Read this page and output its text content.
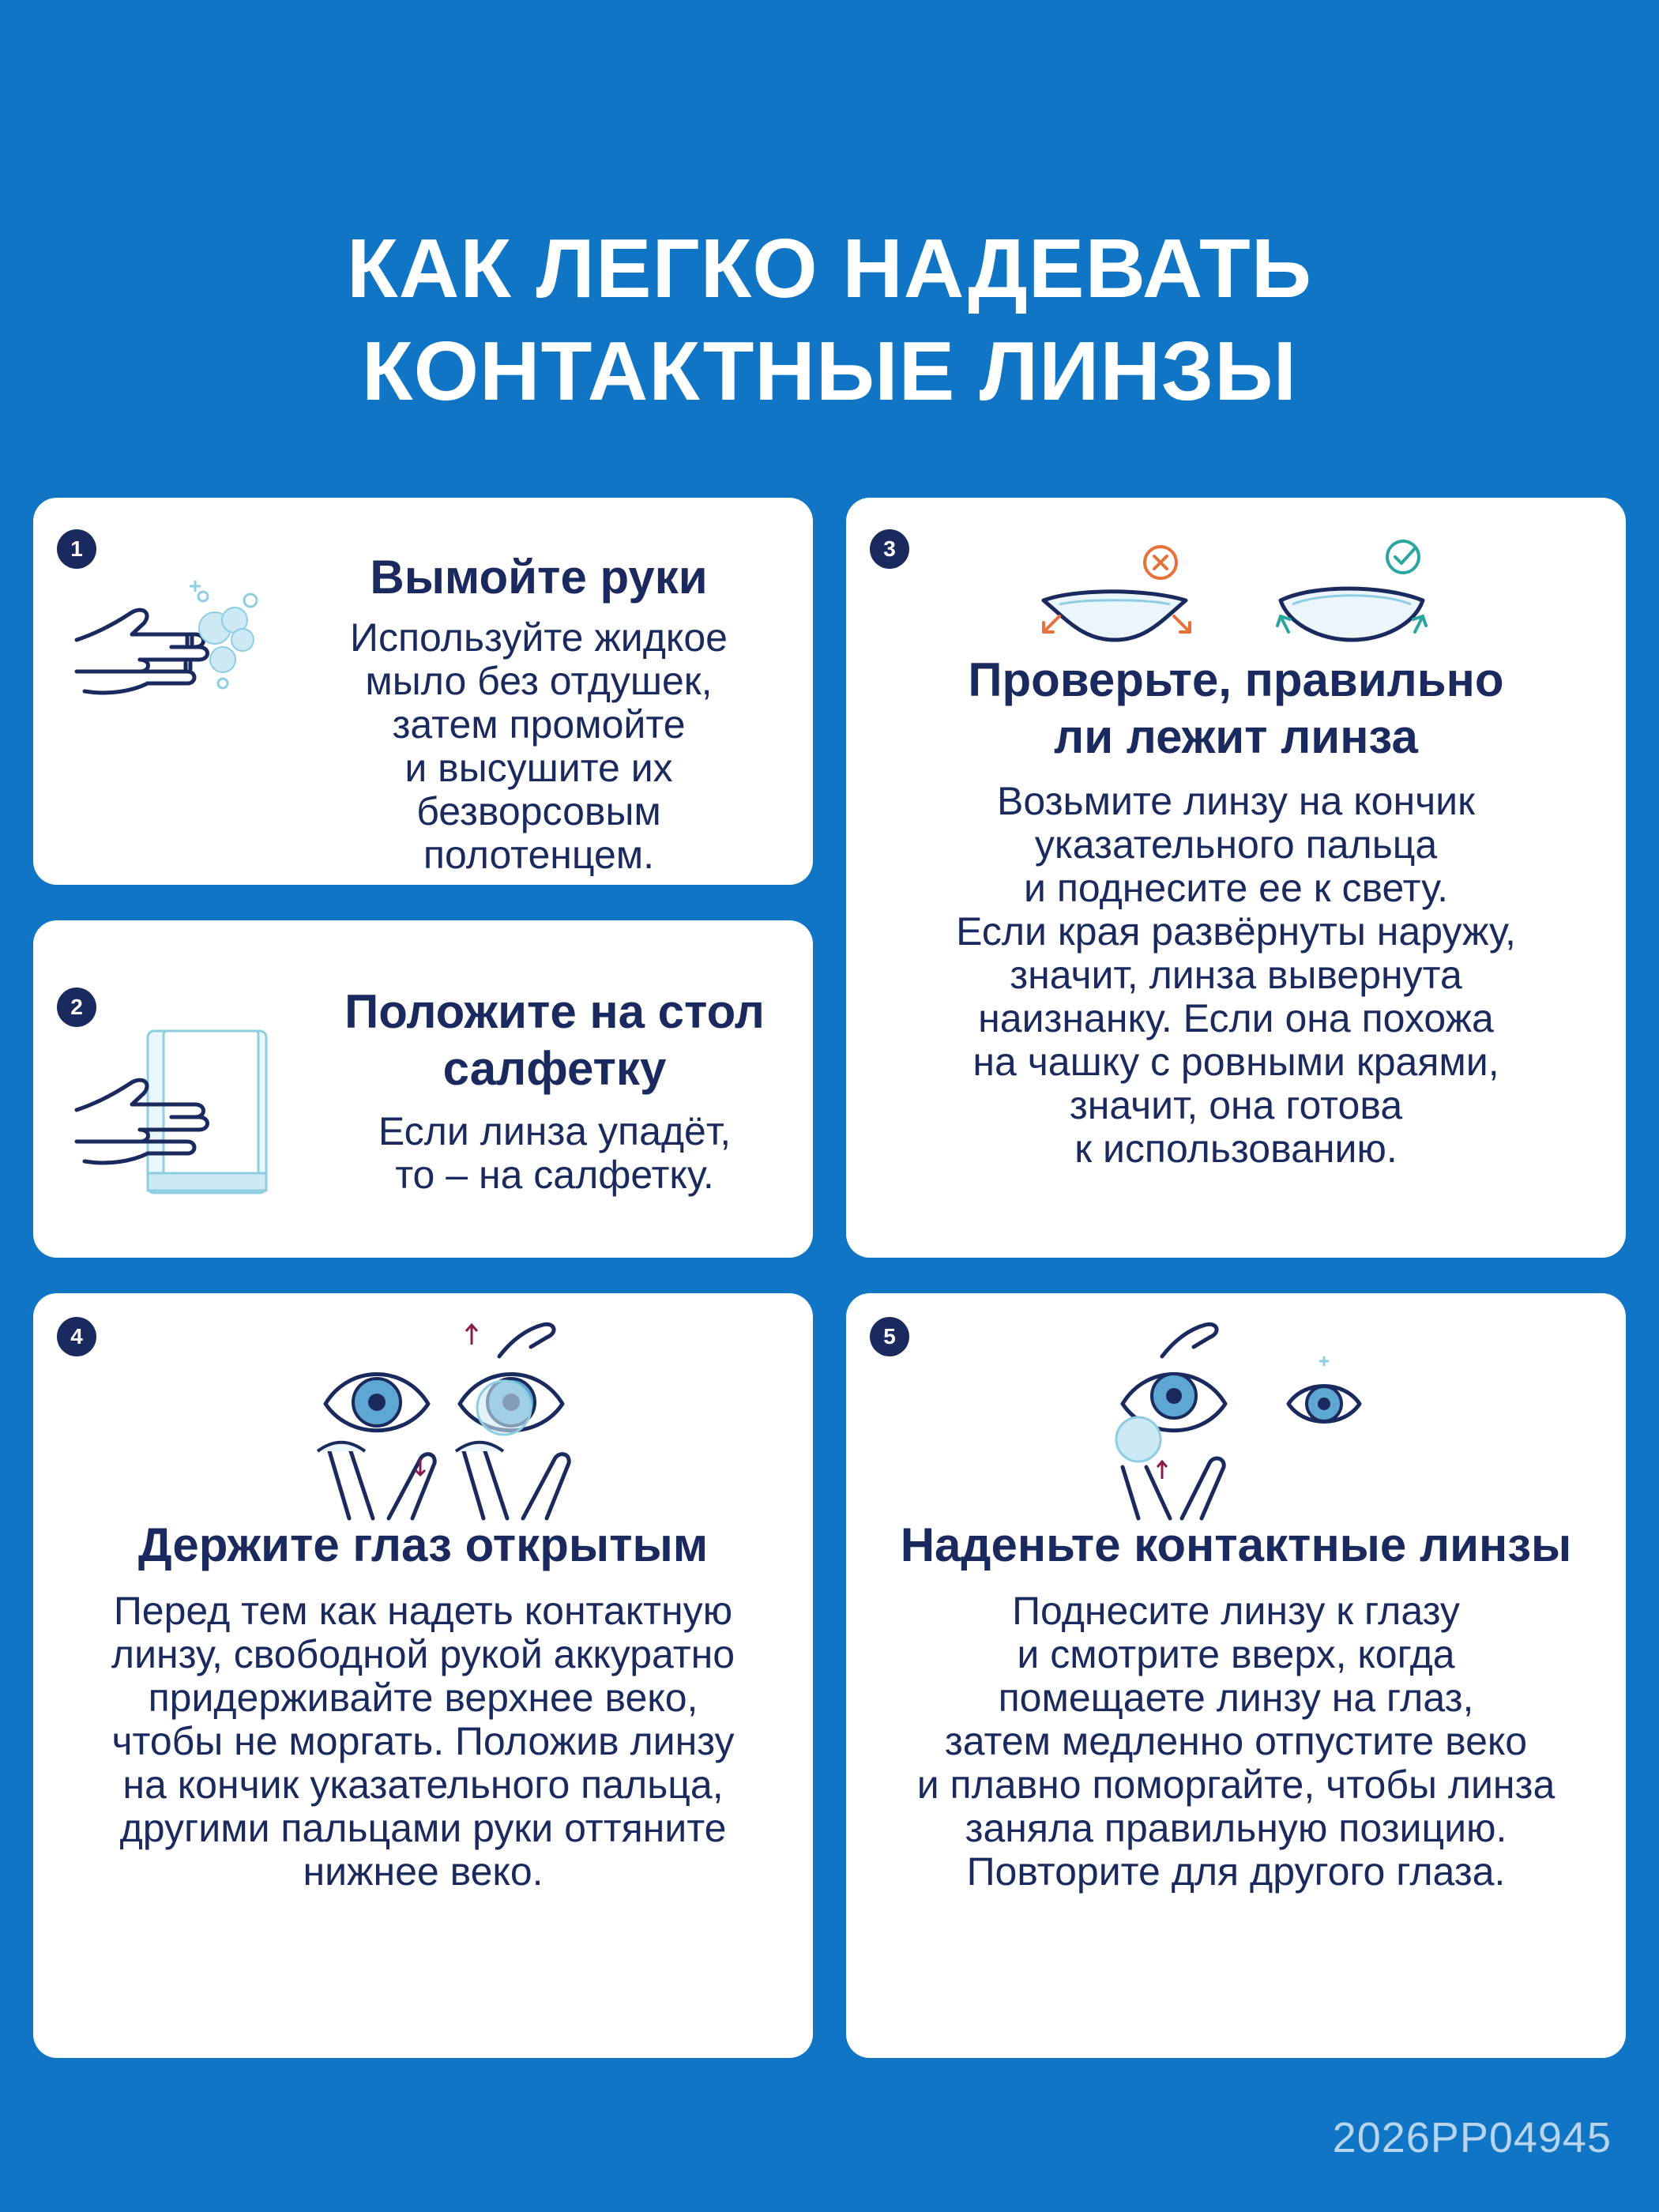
КАК ЛЕГКО НАДЕВАТЬ
КОНТАКТНЫЕ ЛИНЗЫ
1
Вымойте руки
Используйте жидкое
мыло без отдушек,
затем промойте
и высушите их
безворсовым
полотенцем.
2	Положите на стол
салфетку
Если линза упадёт,
то – на салфетку.
3
Проверьте, правильно
ли лежит линза
Возьмите линзу на кончик
указательного пальца
и поднесите ее к свету.
Если края развёрнуты наружу,
значит, линза вывернута
наизнанку. Если она похожа
на чашку с ровными краями,
значит, она готова
к использованию.
4
Держите глаз открытым
Перед тем как надеть контактную
линзу, свободной рукой аккуратно
придерживайте верхнее веко,
чтобы не моргать. Положив линзу
на кончик указательного пальца,
другими пальцами руки оттяните
нижнее веко.
5
Наденьте контактные линзы
Поднесите линзу к глазу
и смотрите вверх, когда
помещаете линзу на глаз,
затем медленно отпустите веко
и плавно поморгайте, чтобы линза
заняла правильную позицию.
Повторите для другого глаза.
2026PP04945
